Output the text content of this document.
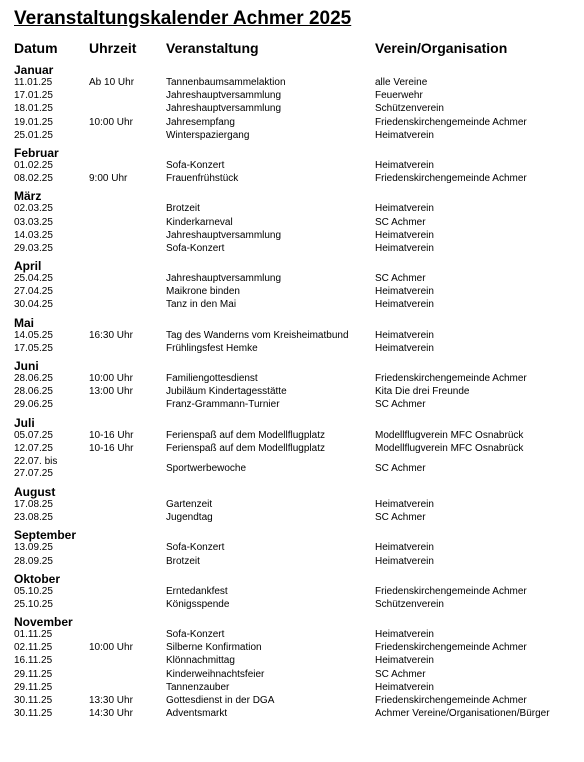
Veranstaltungskalender Achmer 2025
Datum Uhrzeit Veranstaltung	Verein/Organisation
Januar
11.01.25	Ab 10 Uhr	Tannenbaumsammelaktion	alle Vereine
17.01.25	Jahreshauptversammlung	Feuerwehr
18.01.25	Jahreshauptversammlung	Schützenverein
19.01.25	10:00 Uhr	Jahresempfang	Friedenskirchengemeinde Achmer
25.01.25	Winterspaziergang	Heimatverein
Februar
01.02.25	Sofa-Konzert	Heimatverein
08.02.25	9:00 Uhr	Frauenfrühstück	Friedenskirchengemeinde Achmer
März
02.03.25	Brotzeit	Heimatverein
03.03.25	Kinderkarneval	SC Achmer
14.03.25	Jahreshauptversammlung	Heimatverein
29.03.25	Sofa-Konzert	Heimatverein
April
25.04.25	Jahreshauptversammlung	SC Achmer
27.04.25	Maikrone binden	Heimatverein
30.04.25	Tanz in den Mai	Heimatverein
Mai
14.05.25	16:30 Uhr	Tag des Wanderns vom Kreisheimatbund	Heimatverein
17.05.25	Frühlingsfest Hemke	Heimatverein
Juni
28.06.25	10:00 Uhr	Familiengottesdienst	Friedenskirchengemeinde Achmer
28.06.25	13:00 Uhr	Jubiläum Kindertagesstätte	Kita Die drei Freunde
29.06.25	Franz-Grammann-Turnier	SC Achmer
Juli
05.07.25	10-16 Uhr	Ferienspaß auf dem Modellflugplatz	Modellflugverein MFC Osnabrück
12.07.25	10-16 Uhr	Ferienspaß auf dem Modellflugplatz	Modellflugverein MFC Osnabrück
22.07. bis 27.07.25	Sportwerbewoche	SC Achmer
August
17.08.25	Gartenzeit	Heimatverein
23.08.25	Jugendtag	SC Achmer
September
13.09.25	Sofa-Konzert	Heimatverein
28.09.25	Brotzeit	Heimatverein
Oktober
05.10.25	Erntedankfest	Friedenskirchengemeinde Achmer
25.10.25	Königsspende	Schützenverein
November
01.11.25	Sofa-Konzert	Heimatverein
02.11.25	10:00 Uhr	Silberne Konfirmation	Friedenskirchengemeinde Achmer
16.11.25	Klönnachmittag	Heimatverein
29.11.25	Kinderweihnachtsfeier	SC Achmer
29.11.25	Tannenzauber	Heimatverein
30.11.25	13:30 Uhr	Gottesdienst in der DGA	Friedenskirchengemeinde Achmer
30.11.25	14:30 Uhr	Adventsmarkt	Achmer Vereine/Organisationen/Bürger
